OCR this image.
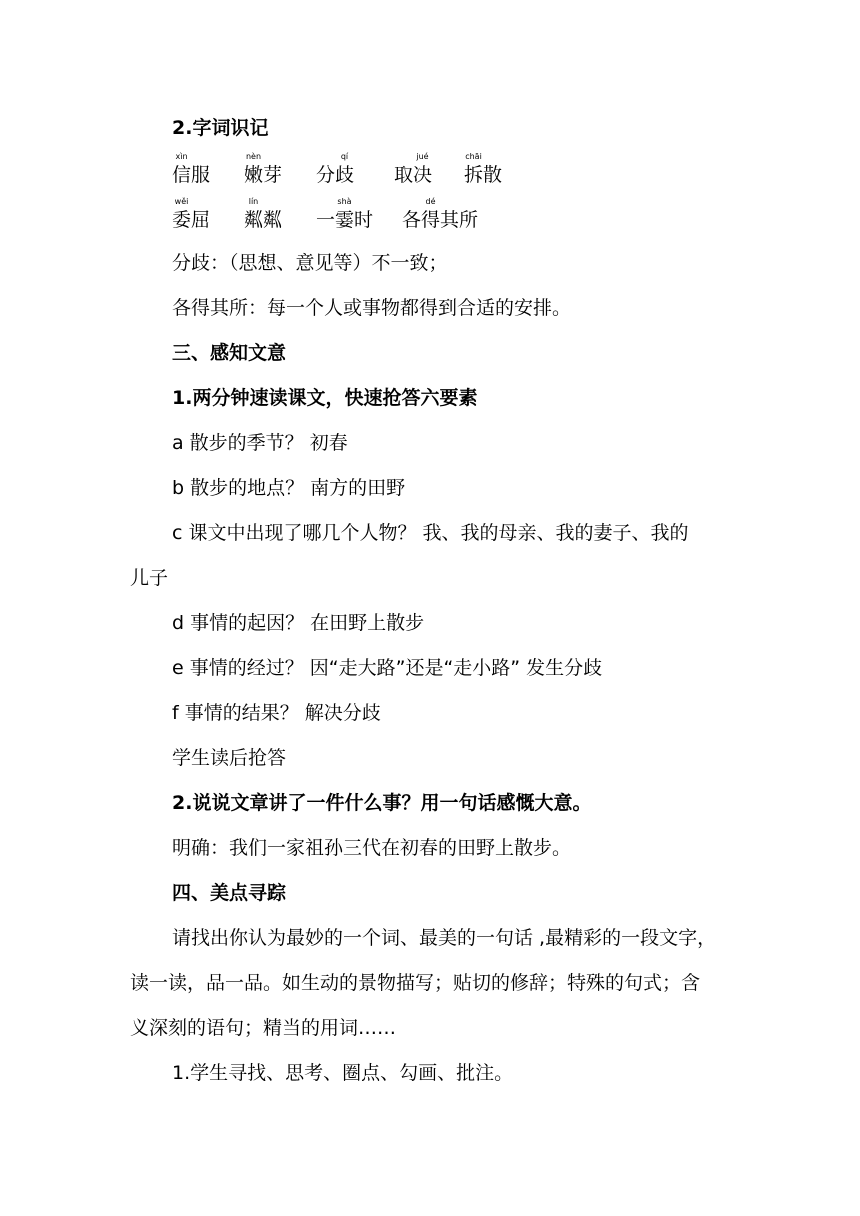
2.字词识记
信
xìn
服 嫩
nèn
芽 分歧
qí
取决
jué
拆
chāi
散
委
wěi
屈 粼
lín
粼 一霎
shà
时 各得
dé
其所
分歧：（思想、意见等）不一致；
各得其所：每一个人或事物都得到合适的安排。
三、感知文意
1.两分钟速读课文，快速抢答六要素
a 散步的季节？ 初春
b 散步的地点？ 南方的田野
c 课文中出现了哪几个人物？ 我、我的母亲、我的妻子、我的
儿子
d 事情的起因？ 在田野上散步
e 事情的经过？ 因“走大路”还是“走小路” 发生分歧
f 事情的结果？ 解决分歧
学生读后抢答
2.说说文章讲了一件什么事？用一句话感慨大意。
明确：我们一家祖孙三代在初春的田野上散步。
四、美点寻踪
请找出你认为最妙的一个词、最美的一句话 ,最精彩的一段文字，
读一读，品一品。如生动的景物描写；贴切的修辞；特殊的句式；含
义深刻的语句；精当的用词……
1.学生寻找、思考、圈点、勾画、批注。
